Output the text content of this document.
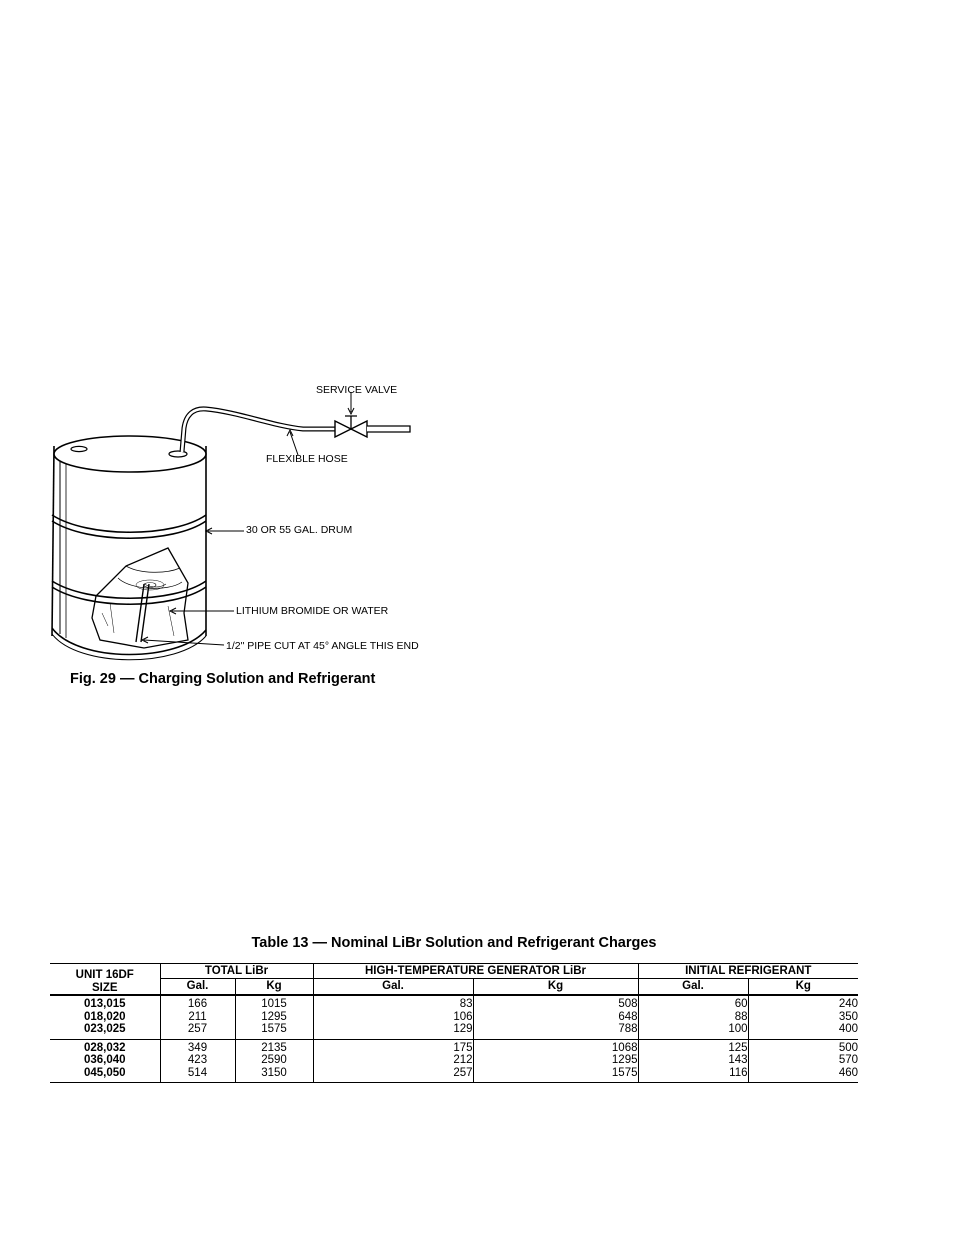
SERVICE VALVE
FLEXIBLE HOSE
30 OR 55 GAL. DRUM
LITHIUM BROMIDE OR WATER
1/2" PIPE CUT AT 45° ANGLE THIS END
Fig. 29 — Charging Solution and Refrigerant
Table 13 — Nominal LiBr Solution and Refrigerant Charges
UNIT 16DF
SIZE	TOTAL LiBr		HIGH-TEMPERATURE GENERATOR LiBr		INITIAL REFRIGERANT	
	Gal.	Kg	Gal.	Kg	Gal.	Kg
013,015	166	1015	83	508	60	240
018,020	211	1295	106	648	88	350
023,025	257	1575	129	788	100	400
028,032	349	2135	175	1068	125	500
036,040	423	2590	212	1295	143	570
045,050	514	3150	257	1575	116	460
